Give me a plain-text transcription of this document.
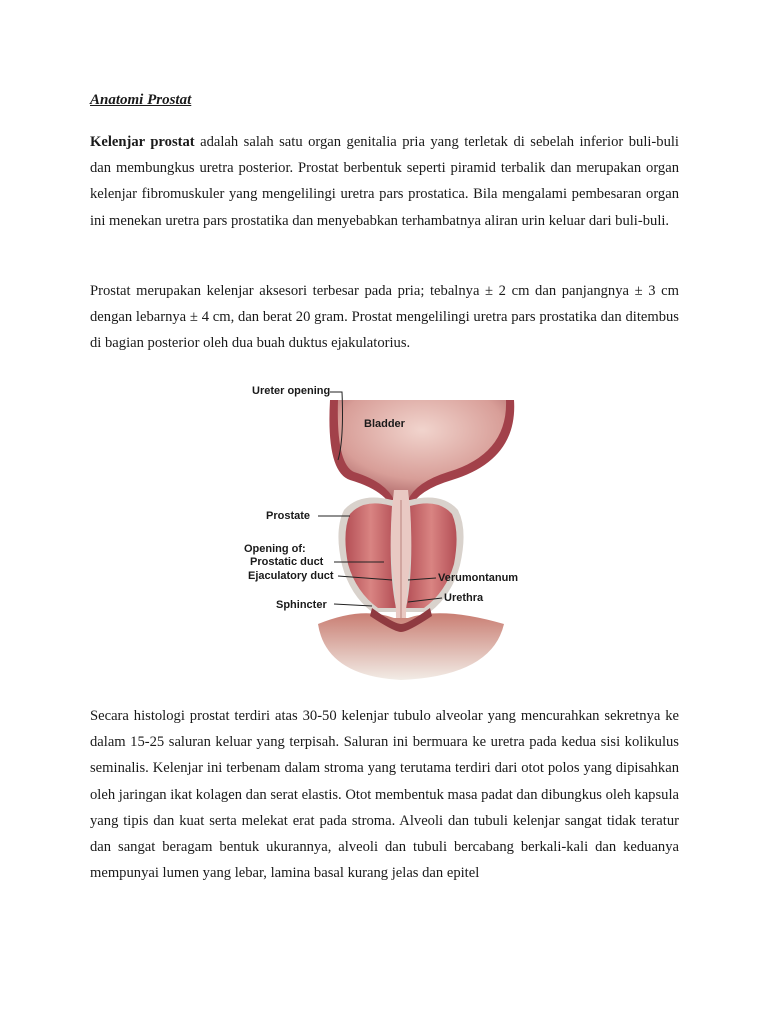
Anatomi Prostat
Kelenjar prostat adalah salah satu organ genitalia pria yang terletak di sebelah inferior buli-buli dan membungkus uretra posterior. Prostat berbentuk seperti piramid terbalik dan merupakan organ kelenjar fibromuskuler yang mengelilingi uretra pars prostatica. Bila mengalami pembesaran organ ini menekan uretra pars prostatika dan menyebabkan terhambatnya aliran urin keluar dari buli-buli.
Prostat merupakan kelenjar aksesori terbesar pada pria; tebalnya ± 2 cm dan panjangnya ± 3 cm dengan lebarnya ± 4 cm, dan berat 20 gram. Prostat mengelilingi uretra pars prostatika dan ditembus di bagian posterior oleh dua buah duktus ejakulatorius.
Ureter opening
Bladder
Prostate
Opening of:
Prostatic duct
Ejaculatory duct
Sphincter
Verumontanum
Urethra
Secara histologi prostat terdiri atas 30-50 kelenjar tubulo alveolar yang mencurahkan sekretnya ke dalam 15-25 saluran keluar yang terpisah. Saluran ini bermuara ke uretra pada kedua sisi kolikulus seminalis. Kelenjar ini terbenam dalam stroma yang terutama terdiri dari otot polos yang dipisahkan oleh jaringan ikat kolagen dan serat elastis. Otot membentuk masa padat dan dibungkus oleh kapsula yang tipis dan kuat serta melekat erat pada stroma. Alveoli dan tubuli kelenjar sangat tidak teratur dan sangat beragam bentuk ukurannya, alveoli dan tubuli bercabang berkali-kali dan keduanya mempunyai lumen yang lebar, lamina basal kurang jelas dan epitel
